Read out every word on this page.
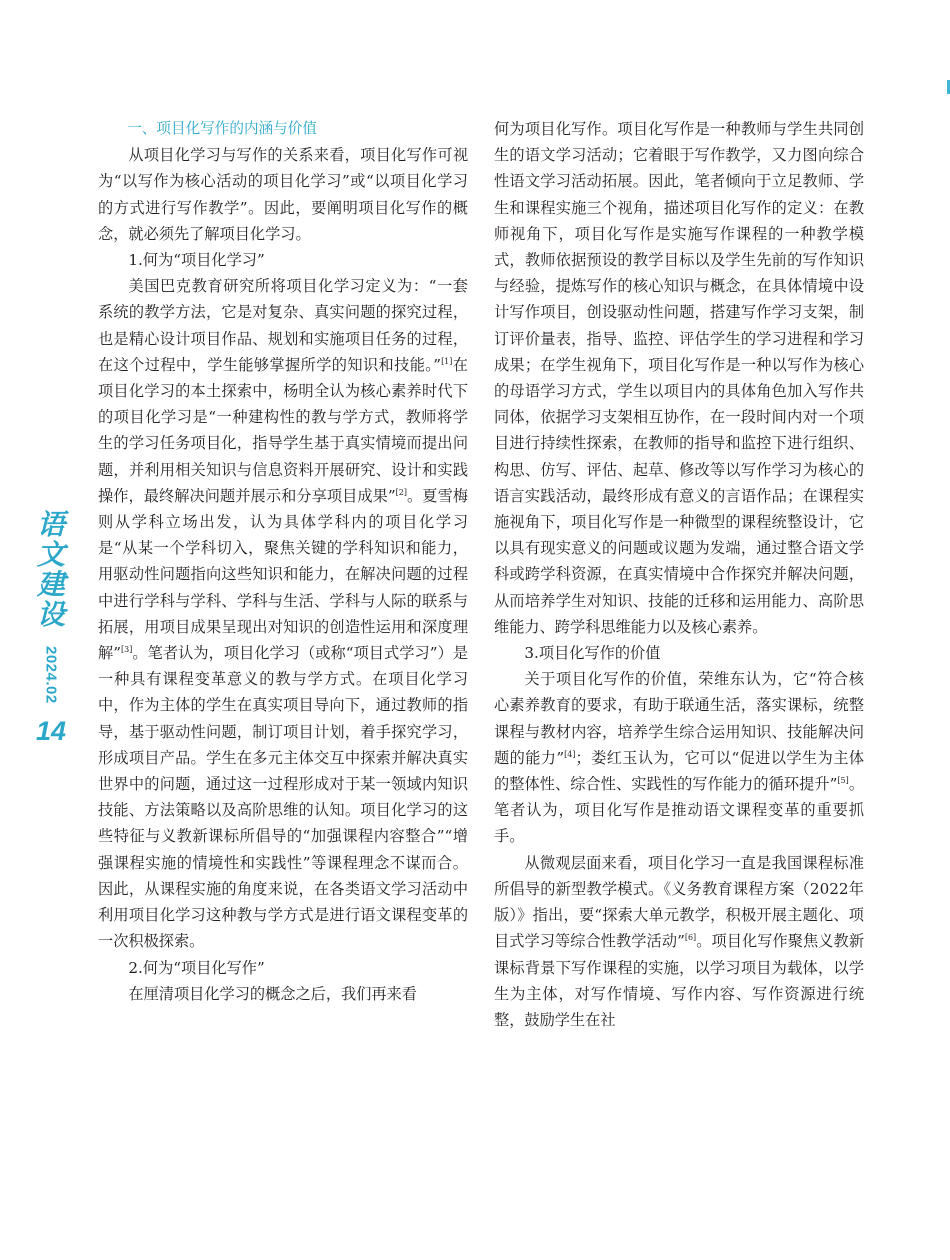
语
文
建
设
2024.02
14
一、项目化写作的内涵与价值

从项目化学习与写作的关系来看，项目化写作可视为“以写作为核心活动的项目化学习”或“以项目化学习的方式进行写作教学”。因此，要阐明项目化写作的概念，就必须先了解项目化学习。

1.何为“项目化学习”

美国巴克教育研究所将项目化学习定义为：“一套系统的教学方法，它是对复杂、真实问题的探究过程，也是精心设计项目作品、规划和实施项目任务的过程，在这个过程中，学生能够掌握所学的知识和技能。”[1]在项目化学习的本土探索中，杨明全认为核心素养时代下的项目化学习是“一种建构性的教与学方式，教师将学生的学习任务项目化，指导学生基于真实情境而提出问题，并利用相关知识与信息资料开展研究、设计和实践操作，最终解决问题并展示和分享项目成果”[2]。夏雪梅则从学科立场出发，认为具体学科内的项目化学习是“从某一个学科切入，聚焦关键的学科知识和能力，用驱动性问题指向这些知识和能力，在解决问题的过程中进行学科与学科、学科与生活、学科与人际的联系与拓展，用项目成果呈现出对知识的创造性运用和深度理解”[3]。笔者认为，项目化学习（或称“项目式学习”）是一种具有课程变革意义的教与学方式。在项目化学习中，作为主体的学生在真实项目导向下，通过教师的指导，基于驱动性问题，制订项目计划，着手探究学习，形成项目产品。学生在多元主体交互中探索并解决真实世界中的问题，通过这一过程形成对于某一领域内知识技能、方法策略以及高阶思维的认知。项目化学习的这些特征与义教新课标所倡导的“加强课程内容整合”“增强课程实施的情境性和实践性”等课程理念不谋而合。因此，从课程实施的角度来说，在各类语文学习活动中利用项目化学习这种教与学方式是进行语文课程变革的一次积极探索。

2.何为“项目化写作”

在厘清项目化学习的概念之后，我们再来看

何为项目化写作。项目化写作是一种教师与学生共同创生的语文学习活动；它着眼于写作教学，又力图向综合性语文学习活动拓展。因此，笔者倾向于立足教师、学生和课程实施三个视角，描述项目化写作的定义：在教师视角下，项目化写作是实施写作课程的一种教学模式，教师依据预设的教学目标以及学生先前的写作知识与经验，提炼写作的核心知识与概念，在具体情境中设计写作项目，创设驱动性问题，搭建写作学习支架，制订评价量表，指导、监控、评估学生的学习进程和学习成果；在学生视角下，项目化写作是一种以写作为核心的母语学习方式，学生以项目内的具体角色加入写作共同体，依据学习支架相互协作，在一段时间内对一个项目进行持续性探索，在教师的指导和监控下进行组织、构思、仿写、评估、起草、修改等以写作学习为核心的语言实践活动，最终形成有意义的言语作品；在课程实施视角下，项目化写作是一种微型的课程统整设计，它以具有现实意义的问题或议题为发端，通过整合语文学科或跨学科资源，在真实情境中合作探究并解决问题，从而培养学生对知识、技能的迁移和运用能力、高阶思维能力、跨学科思维能力以及核心素养。

3.项目化写作的价值

关于项目化写作的价值，荣维东认为，它“符合核心素养教育的要求，有助于联通生活，落实课标，统整课程与教材内容，培养学生综合运用知识、技能解决问题的能力”[4]；娄红玉认为，它可以“促进以学生为主体的整体性、综合性、实践性的写作能力的循环提升”[5]。笔者认为，项目化写作是推动语文课程变革的重要抓手。

从微观层面来看，项目化学习一直是我国课程标准所倡导的新型教学模式。《义务教育课程方案（2022年版）》指出，要“探索大单元教学，积极开展主题化、项目式学习等综合性教学活动”[6]。项目化写作聚焦义教新课标背景下写作课程的实施，以学习项目为载体，以学生为主体，对写作情境、写作内容、写作资源进行统整，鼓励学生在社
